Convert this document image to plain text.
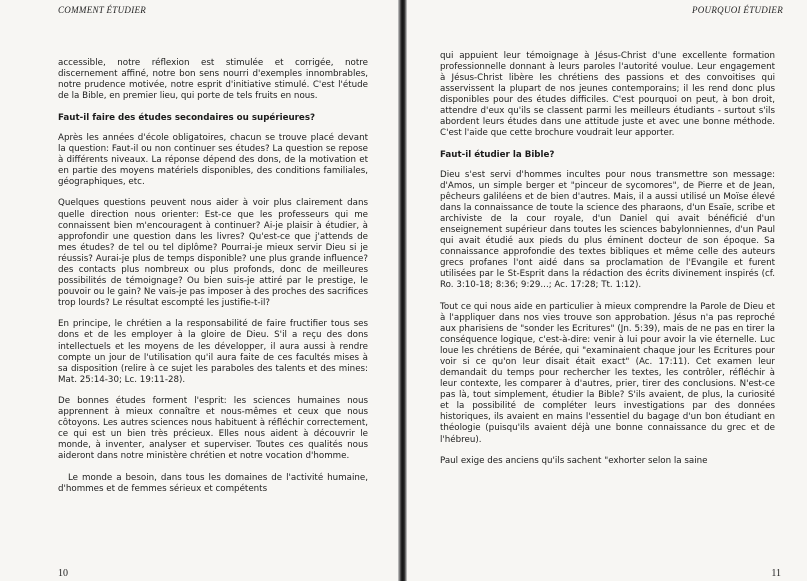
COMMENT ÉTUDIER

accessible, notre réflexion est stimulée et corrigée, notre discernement affiné, notre bon sens nourri d'exemples innombrables, notre prudence motivée, notre esprit d'initiative stimulé. C'est l'étude de la Bible, en premier lieu, qui porte de tels fruits en nous.

Faut-il faire des études secondaires ou supérieures?

Après les années d'école obligatoires, chacun se trouve placé devant la question: Faut-il ou non continuer ses études? La question se repose à différents niveaux. La réponse dépend des dons, de la motivation et en partie des moyens matériels disponibles, des conditions familiales, géographiques, etc.

Quelques questions peuvent nous aider à voir plus clairement dans quelle direction nous orienter: Est-ce que les professeurs qui me connaissent bien m'encouragent à continuer? Ai-je plaisir à étudier, à approfondir une question dans les livres? Qu'est-ce que j'attends de mes études? de tel ou tel diplôme? Pourrai-je mieux servir Dieu si je réussis? Aurai-je plus de temps disponible? une plus grande influence? des contacts plus nombreux ou plus profonds, donc de meilleures possibilités de témoignage? Ou bien suis-je attiré par le prestige, le pouvoir ou le gain? Ne vais-je pas imposer à des proches des sacrifices trop lourds? Le résultat escompté les justifie-t-il?

En principe, le chrétien a la responsabilité de faire fructifier tous ses dons et de les employer à la gloire de Dieu. S'il a reçu des dons intellectuels et les moyens de les développer, il aura aussi à rendre compte un jour de l'utilisation qu'il aura faite de ces facultés mises à sa disposition (relire à ce sujet les paraboles des talents et des mines: Mat. 25:14-30; Lc. 19:11-28).

De bonnes études forment l'esprit: les sciences humaines nous apprennent à mieux connaître et nous-mêmes et ceux que nous côtoyons. Les autres sciences nous habituent à réfléchir correctement, ce qui est un bien très précieux. Elles nous aident à découvrir le monde, à inventer, analyser et superviser. Toutes ces qualités nous aideront dans notre ministère chrétien et notre vocation d'homme.

Le monde a besoin, dans tous les domaines de l'activité humaine, d'hommes et de femmes sérieux et compétents

10
POURQUOI ÉTUDIER

qui appuient leur témoignage à Jésus-Christ d'une excellente formation professionnelle donnant à leurs paroles l'autorité voulue. Leur engagement à Jésus-Christ libère les chrétiens des passions et des convoitises qui asservissent la plupart de nos jeunes contemporains; il les rend donc plus disponibles pour des études difficiles. C'est pourquoi on peut, à bon droit, attendre d'eux qu'ils se classent parmi les meilleurs étudiants - surtout s'ils abordent leurs études dans une attitude juste et avec une bonne méthode. C'est l'aide que cette brochure voudrait leur apporter.

Faut-il étudier la Bible?

Dieu s'est servi d'hommes incultes pour nous transmettre son message: d'Amos, un simple berger et "pinceur de sycomores", de Pierre et de Jean, pêcheurs galiléens et de bien d'autres. Mais, il a aussi utilisé un Moïse élevé dans la connaissance de toute la science des pharaons, d'un Esaïe, scribe et archiviste de la cour royale, d'un Daniel qui avait bénéficié d'un enseignement supérieur dans toutes les sciences babylonniennes, d'un Paul qui avait étudié aux pieds du plus éminent docteur de son époque. Sa connaissance approfondie des textes bibliques et même celle des auteurs grecs profanes l'ont aidé dans sa proclamation de l'Evangile et furent utilisées par le St-Esprit dans la rédaction des écrits divinement inspirés (cf. Ro. 3:10-18; 8:36; 9:29...; Ac. 17:28; Tt. 1:12).

Tout ce qui nous aide en particulier à mieux comprendre la Parole de Dieu et à l'appliquer dans nos vies trouve son approbation. Jésus n'a pas reproché aux pharisiens de "sonder les Ecritures" (Jn. 5:39), mais de ne pas en tirer la conséquence logique, c'est-à-dire: venir à lui pour avoir la vie éternelle. Luc loue les chrétiens de Bérée, qui "examinaient chaque jour les Ecritures pour voir si ce qu'on leur disait était exact" (Ac. 17:11). Cet examen leur demandait du temps pour rechercher les textes, les contrôler, réfléchir à leur contexte, les comparer à d'autres, prier, tirer des conclusions. N'est-ce pas là, tout simplement, étudier la Bible? S'ils avaient, de plus, la curiosité et la possibilité de compléter leurs investigations par des données historiques, ils avaient en mains l'essentiel du bagage d'un bon étudiant en théologie (puisqu'ils avaient déjà une bonne connaissance du grec et de l'hébreu).

Paul exige des anciens qu'ils sachent "exhorter selon la saine

11
